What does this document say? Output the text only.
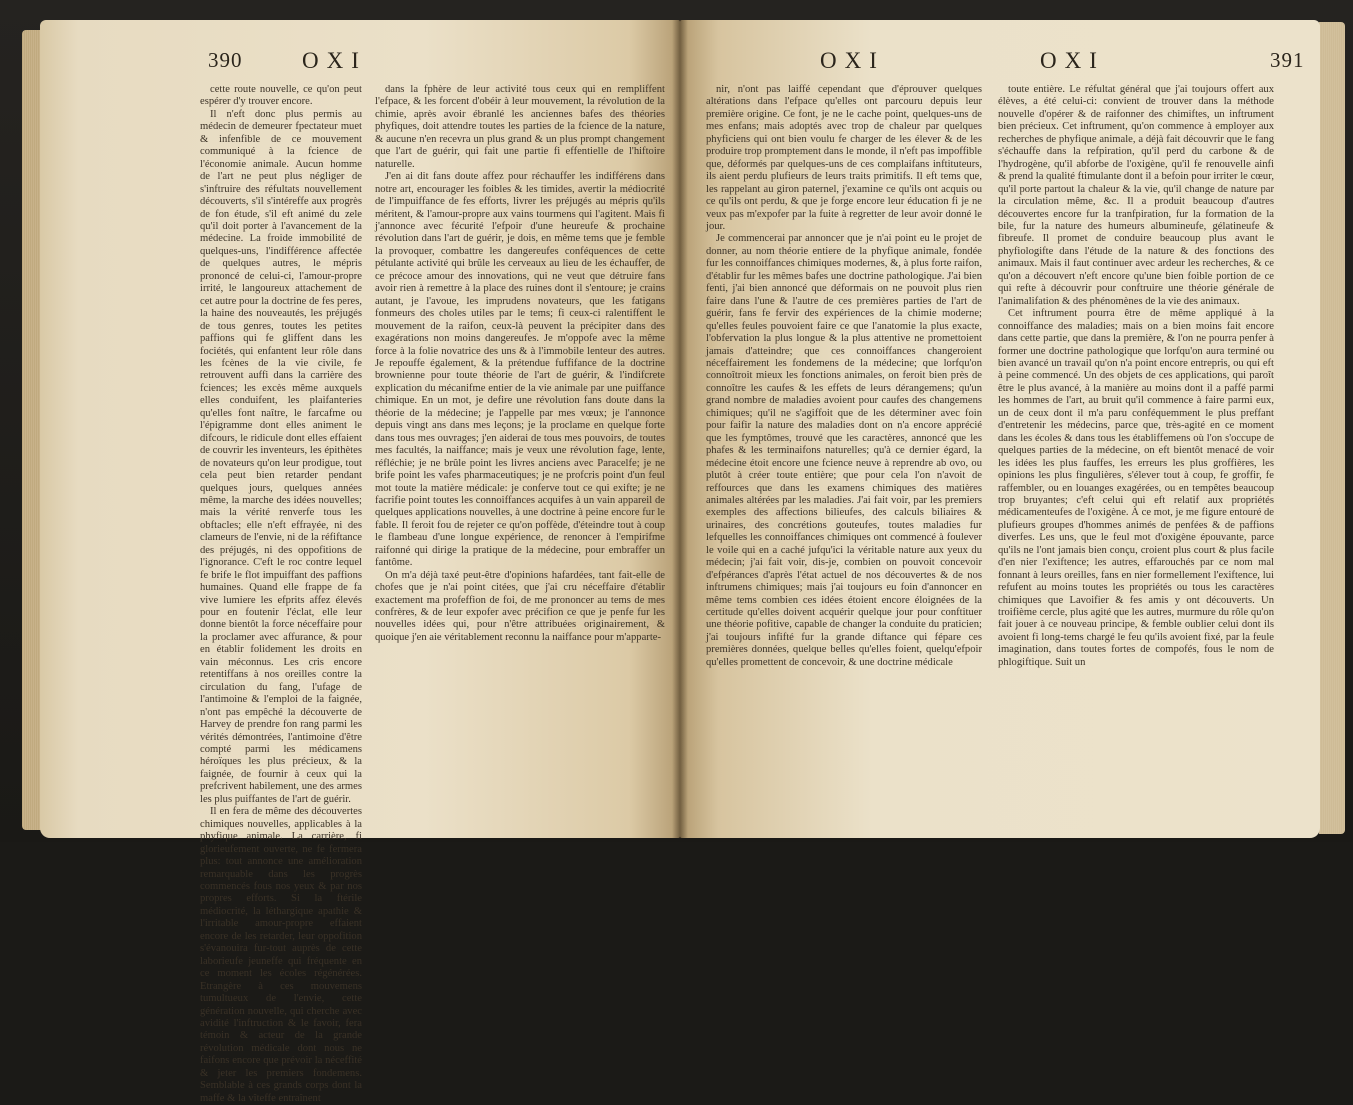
390	OXI

cette route nouvelle, ce qu'on peut espérer d'y trouver encore.

Il n'eft donc plus permis au médecin de demeurer fpectateur muet & infenfible de ce mouvement communiqué à la fcience de l'économie animale. Aucun homme de l'art ne peut plus négliger de s'inftruire des réfultats nouvellement découverts, s'il s'intéreffe aux progrès de fon étude, s'il eft animé du zele qu'il doit porter à l'avancement de la médecine. La froide immobilité de quelques-uns, l'indifférence affectée de quelques autres, le mépris prononcé de celui-ci, l'amour-propre irrité, le langoureux attachement de cet autre pour la doctrine de fes peres, la haine des nouveautés, les préjugés de tous genres, toutes les petites paffions qui fe gliffent dans les fociétés, qui enfantent leur rôle dans les fcènes de la vie civile, fe retrouvent auffi dans la carrière des fciences; les excès même auxquels elles conduifent, les plaifanteries qu'elles font naître, le farcafme ou l'épigramme dont elles animent le difcours, le ridicule dont elles effaient de couvrir les inventeurs, les épithètes de novateurs qu'on leur prodigue, tout cela peut bien retarder pendant quelques jours, quelques années même, la marche des idées nouvelles; mais la vérité renverfe tous les obftacles; elle n'eft effrayée, ni des clameurs de l'envie, ni de la réfiftance des préjugés, ni des oppofitions de l'ignorance. C'eft le roc contre lequel fe brife le flot impuiffant des paffions humaines. Quand elle frappe de fa vive lumiere les efprits affez élevés pour en foutenir l'éclat, elle leur donne bientôt la force néceffaire pour la proclamer avec affurance, & pour en établir folidement les droits en vain méconnus. Les cris encore retentiffans à nos oreilles contre la circulation du fang, l'ufage de l'antimoine & l'emploi de la faignée, n'ont pas empêché la découverte de Harvey de prendre fon rang parmi les vérités démontrées, l'antimoine d'être compté parmi les médicamens héroïques les plus précieux, & la faignée, de fournir à ceux qui la prefcrivent habilement, une des armes les plus puiffantes de l'art de guérir.

Il en fera de même des découvertes chimiques nouvelles, applicables à la phyfique animale. La carrière, fi glorieufement ouverte, ne fe fermera plus: tout annonce une amélioration remarquable dans les progrès commencés fous nos yeux & par nos propres efforts. Si la ftérile médiocrité, la léthargique apathie & l'irritable amour-propre effaient encore de les retarder, leur oppofition s'évanouira fur-tout auprès de cette laborieufe jeuneffe qui fréquente en ce moment les écoles régénérées. Etrangère à ces mouvemens tumultueux de l'envie, cette génération nouvelle, qui cherche avec avidité l'inftruction & le favoir, fera témoin & acteur de la grande révolution médicale dont nous ne faifons encore que prévoir la néceffité & jeter les premiers fondemens. Semblable à ces grands corps dont la maffe & la vîteffe entraînent

dans la fphère de leur activité tous ceux qui en rempliffent l'efpace, & les forcent d'obéir à leur mouvement, la révolution de la chimie, après avoir ébranlé les anciennes bafes des théories phyfiques, doit attendre toutes les parties de la fcience de la nature, & aucune n'en recevra un plus grand & un plus prompt changement que l'art de guérir, qui fait une partie fi effentielle de l'hiftoire naturelle.

J'en ai dit fans doute affez pour réchauffer les indifférens dans notre art, encourager les foibles & les timides, avertir la médiocrité de l'impuiffance de fes efforts, livrer les préjugés au mépris qu'ils méritent, & l'amour-propre aux vains tourmens qui l'agitent. Mais fi j'annonce avec fécurité l'efpoir d'une heureufe & prochaine révolution dans l'art de guérir, je dois, en même tems que je femble la provoquer, combattre les dangereufes conféquences de cette pétulante activité qui brûle les cerveaux au lieu de les échauffer, de ce précoce amour des innovations, qui ne veut que détruire fans avoir rien à remettre à la place des ruines dont il s'entoure; je crains autant, je l'avoue, les imprudens novateurs, que les fatigans fonmeurs des choles utiles par le tems; fi ceux-ci ralentiffent le mouvement de la raifon, ceux-là peuvent la précipiter dans des exagérations non moins dangereufes. Je m'oppofe avec la même force à la folie novatrice des uns & à l'immobile lenteur des autres. Je repouffe également, & la prétendue fuffifance de la doctrine brownienne pour toute théorie de l'art de guérir, & l'indifcrete explication du mécanifme entier de la vie animale par une puiffance chimique. En un mot, je defire une révolution fans doute dans la théorie de la médecine; je l'appelle par mes vœux; je l'annonce depuis vingt ans dans mes leçons; je la proclame en quelque forte dans tous mes ouvrages; j'en aiderai de tous mes pouvoirs, de toutes mes facultés, la naiffance; mais je veux une révolution fage, lente, réfléchie; je ne brûle point les livres anciens avec Paracelfe; je ne brife point les vafes pharmaceutiques; je ne profcris point d'un feul mot toute la matière médicale: je conferve tout ce qui exifte; je ne facrifie point toutes les connoiffances acquifes à un vain appareil de quelques applications nouvelles, à une doctrine à peine encore fur le fable. Il feroit fou de rejeter ce qu'on poffède, d'éteindre tout à coup le flambeau d'une longue expérience, de renoncer à l'empirifme raifonné qui dirige la pratique de la médecine, pour embraffer un fantôme.

On m'a déjà taxé peut-être d'opinions hafardées, tant fait-elle de chofes que je n'ai point citées, que j'ai cru néceffaire d'établir exactement ma profeffion de foi, de me prononcer au tems de mes confrères, & de leur expofer avec précifion ce que je penfe fur les nouvelles idées qui, pour n'être attribuées originairement, & quoique j'en aie véritablement reconnu la naiffance pour m'apparte-

OXI	OXI	391

nir, n'ont pas laiffé cependant que d'éprouver quelques altérations dans l'efpace qu'elles ont parcouru depuis leur première origine. Ce font, je ne le cache point, quelques-uns de mes enfans; mais adoptés avec trop de chaleur par quelques phyficiens qui ont bien voulu fe charger de les élever & de les produire trop promptement dans le monde, il n'eft pas impoffible que, déformés par quelques-uns de ces complaifans inftituteurs, ils aient perdu plufieurs de leurs traits primitifs. Il eft tems que, les rappelant au giron paternel, j'examine ce qu'ils ont acquis ou ce qu'ils ont perdu, & que je forge encore leur éducation fi je ne veux pas m'expofer par la fuite à regretter de leur avoir donné le jour.

Je commencerai par annoncer que je n'ai point eu le projet de donner, au nom théorie entiere de la phyfique animale, fondée fur les connoiffances chimiques modernes, &, à plus forte raifon, d'établir fur les mêmes bafes une doctrine pathologique. J'ai bien fenti, j'ai bien annoncé que déformais on ne pouvoit plus rien faire dans l'une & l'autre de ces premières parties de l'art de guérir, fans fe fervir des expériences de la chimie moderne; qu'elles feules pouvoient faire ce que l'anatomie la plus exacte, l'obfervation la plus longue & la plus attentive ne promettoient jamais d'atteindre; que ces connoiffances changeroient néceffairement les fondemens de la médecine; que lorfqu'on connoîtroit mieux les fonctions animales, on feroit bien près de connoître les caufes & les effets de leurs dérangemens; qu'un grand nombre de maladies avoient pour caufes des changemens chimiques; qu'il ne s'agiffoit que de les déterminer avec foin pour faifir la nature des maladies dont on n'a encore apprécié que les fymptômes, trouvé que les caractères, annoncé que les phafes & les terminaifons naturelles; qu'à ce dernier égard, la médecine étoit encore une fcience neuve à reprendre ab ovo, ou plutôt à créer toute entière; que pour cela l'on n'avoit de reffources que dans les examens chimiques des matières animales altérées par les maladies. J'ai fait voir, par les premiers exemples des affections bilieufes, des calculs biliaires & urinaires, des concrétions gouteufes, toutes maladies fur lefquelles les connoiffances chimiques ont commencé à foulever le voile qui en a caché jufqu'ici la véritable nature aux yeux du médecin; j'ai fait voir, dis-je, combien on pouvoit concevoir d'efpérances d'après l'état actuel de nos découvertes & de nos inftrumens chimiques; mais j'ai toujours eu foin d'annoncer en même tems combien ces idées étoient encore éloignées de la certitude qu'elles doivent acquérir quelque jour pour conftituer une théorie pofitive, capable de changer la conduite du praticien; j'ai toujours infifté fur la grande diftance qui fépare ces premières données, quelque belles qu'elles foient, quelqu'efpoir qu'elles promettent de concevoir, & une doctrine médicale

toute entière. Le réfultat général que j'ai toujours offert aux élèves, a été celui-ci: convient de trouver dans la méthode nouvelle d'opérer & de raifonner des chimiftes, un inftrument bien précieux. Cet inftrument, qu'on commence à employer aux recherches de phyfique animale, a déjà fait découvrir que le fang s'échauffe dans la refpiration, qu'il perd du carbone & de l'hydrogène, qu'il abforbe de l'oxigène, qu'il fe renouvelle ainfi & prend la qualité ftimulante dont il a befoin pour irriter le cœur, qu'il porte partout la chaleur & la vie, qu'il change de nature par la circulation même, &c. Il a produit beaucoup d'autres découvertes encore fur la tranfpiration, fur la formation de la bile, fur la nature des humeurs albumineufe, gélatineufe & fibreufe. Il promet de conduire beaucoup plus avant le phyfiologifte dans l'étude de la nature & des fonctions des animaux. Mais il faut continuer avec ardeur les recherches, & ce qu'on a découvert n'eft encore qu'une bien foible portion de ce qui refte à découvrir pour conftruire une théorie générale de l'animalifation & des phénomènes de la vie des animaux.

Cet inftrument pourra être de même appliqué à la connoiffance des maladies; mais on a bien moins fait encore dans cette partie, que dans la première, & l'on ne pourra penfer à former une doctrine pathologique que lorfqu'on aura terminé ou bien avancé un travail qu'on n'a point encore entrepris, ou qui eft à peine commencé. Un des objets de ces applications, qui paroît être le plus avancé, à la manière au moins dont il a paffé parmi les hommes de l'art, au bruit qu'il commence à faire parmi eux, un de ceux dont il m'a paru conféquemment le plus preffant d'entretenir les médecins, parce que, très-agité en ce moment dans les écoles & dans tous les établiffemens où l'on s'occupe de quelques parties de la médecine, on eft bientôt menacé de voir les idées les plus fauffes, les erreurs les plus groffières, les opinions les plus fingulières, s'élever tout à coup, fe groffir, fe raffembler, ou en louanges exagérées, ou en tempêtes beaucoup trop bruyantes; c'eft celui qui eft relatif aux propriétés médicamenteufes de l'oxigène. À ce mot, je me figure entouré de plufieurs groupes d'hommes animés de penfées & de paffions diverfes. Les uns, que le feul mot d'oxigène épouvante, parce qu'ils ne l'ont jamais bien conçu, croient plus court & plus facile d'en nier l'exiftence; les autres, effarouchés par ce nom mal fonnant à leurs oreilles, fans en nier formellement l'exiftence, lui refufent au moins toutes les propriétés ou tous les caractères chimiques que Lavoifier & fes amis y ont découverts. Un troifième cercle, plus agité que les autres, murmure du rôle qu'on fait jouer à ce nouveau principe, & femble oublier celui dont ils avoient fi long-tems chargé le feu qu'ils avoient fixé, par la feule imagination, dans toutes fortes de compofés, fous le nom de phlogiftique. Suit un
